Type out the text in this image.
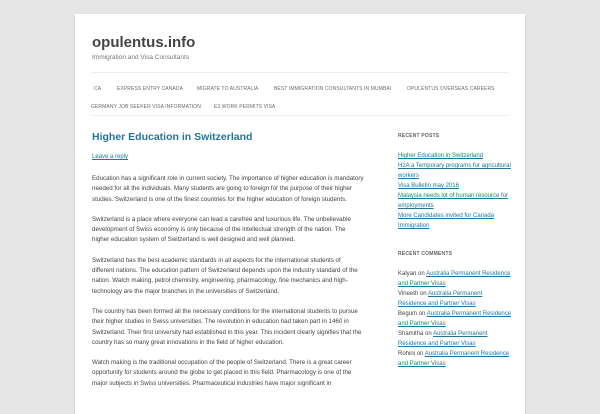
opulentus.info
Immigration and Visa Consultants
CA	EXPRESS ENTRY CANADA	MIGRATE TO AUSTRALIA	BEST IMMIGRATION CONSULTANTS IN MUMBAI	OPULENTUS OVERSEAS CAREERS
GERMANY JOB SEEKER VISA INFORMATION	E3 WORK PERMITS VISA
Higher Education in Switzerland
Leave a reply

Education has a significant role in current society. The importance of higher education is mandatory needed for all the individuals. Many students are going to foreign for the purpose of their higher studies. Switzerland is one of the finest countries for the higher education of foreign students.

Switzerland is a place where everyone can lead a carefree and luxurious life. The unbelievable development of Swiss economy is only because of the intellectual strength of the nation. The higher education system of Switzerland is well designed and well planned.

Switzerland has the best academic standards in all aspects for the international students of different nations. The education pattern of Switzerland depends upon the industry standard of the nation. Watch making, petrol chemistry, engineering, pharmacology, fine mechanics and high-technology are the major branches in the universities of Switzerland.

The country has been formed all the necessary conditions for the international students to pursue their higher studies in Swiss universities. The revolution in education had taken part in 1460 in Switzerland. Their first university had established in this year. This incident clearly signifies that the country has so many great innovations in the field of higher education.

Watch making is the traditional occupation of the people of Switzerland. There is a great career opportunity for students around the globe to get placed in this field. Pharmacology is one of the major subjects in Swiss universities. Pharmaceutical industries have major significant in

RECENT POSTS
Higher Education in Switzerland
H2A a Temporary programs for agricultural workers
Visa Bulletin may 2016
Malaysia needs lot of human resource for employments
More Candidates invited for Canada Immigration
RECENT COMMENTS
Kalyan on Australia Permanent Residence and Partner Visas
Vineeth on Australia Permanent Residence and Partner Visas
Begum on Australia Permanent Residence and Partner Visas
Shamitha on Australia Permanent Residence and Partner Visas
Rohini on Australia Permanent Residence and Partner Visas
